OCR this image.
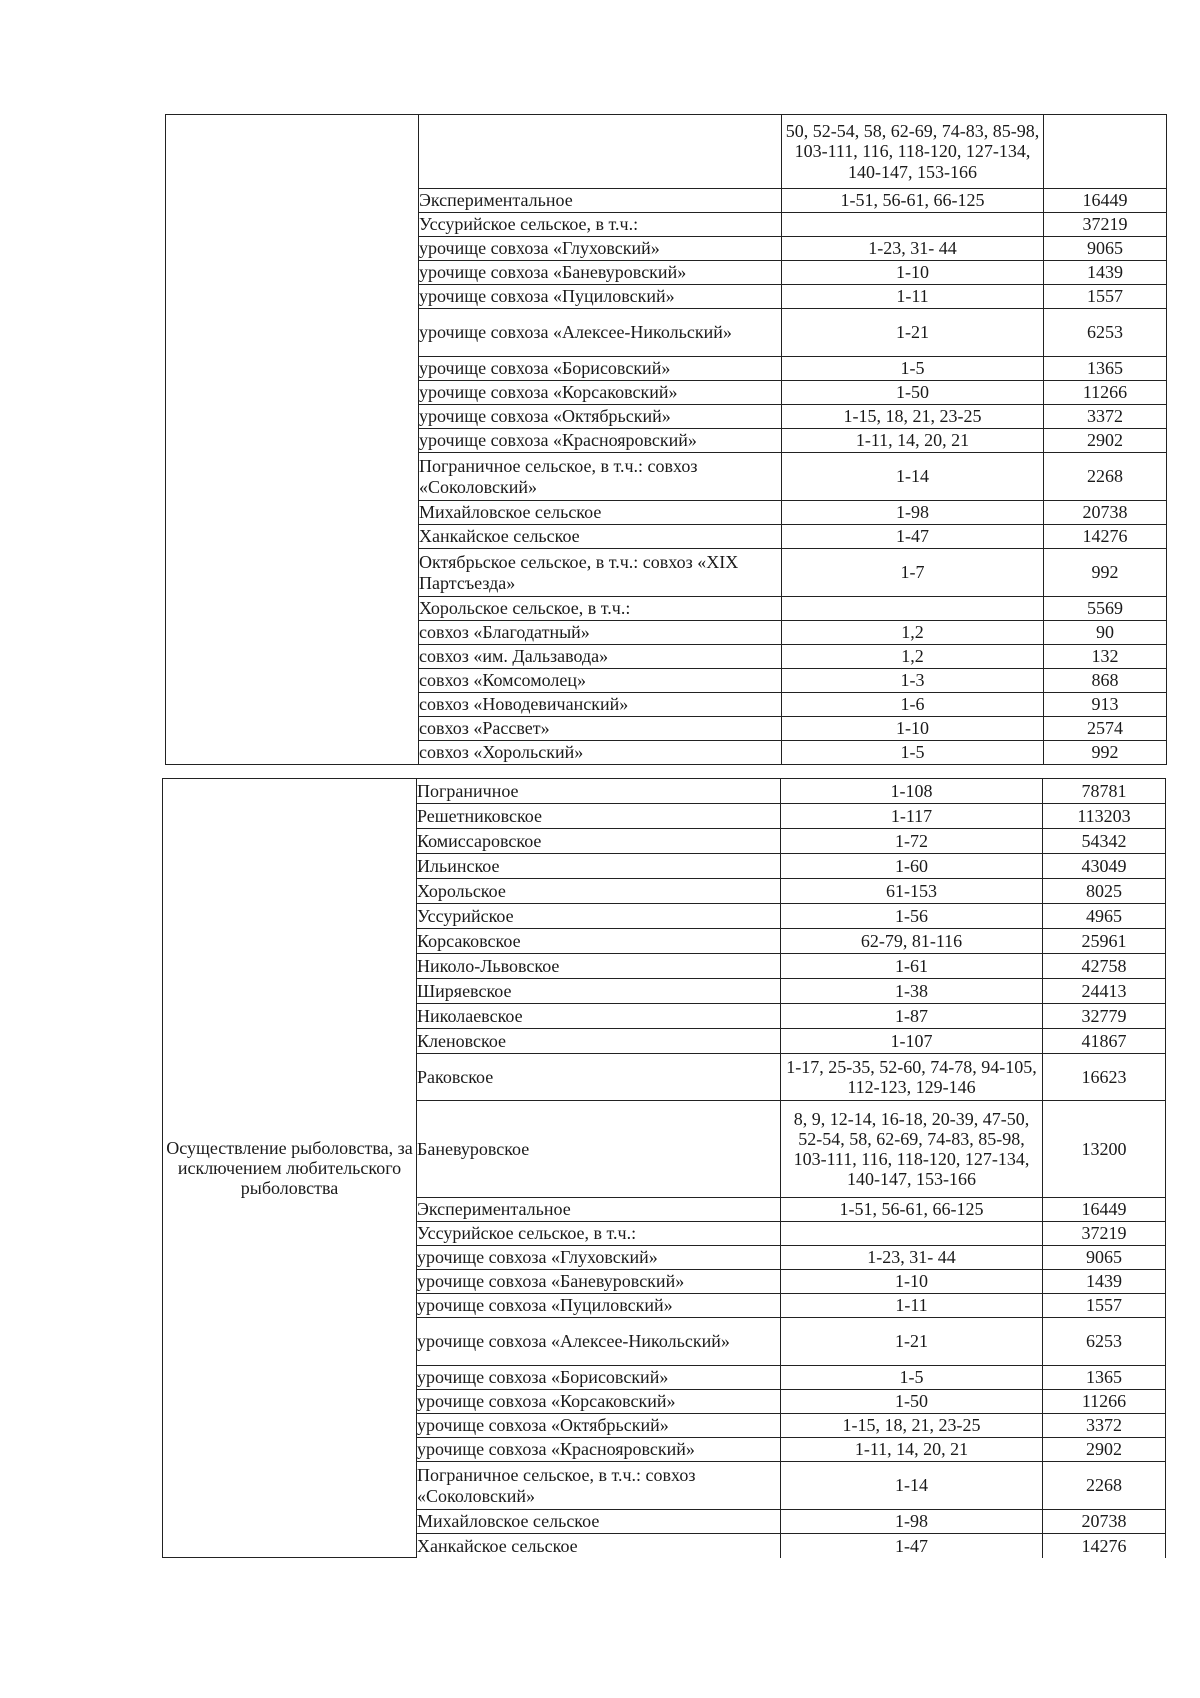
		50, 52-54, 58, 62-69, 74-83, 85-98, 103-111, 116, 118-120, 127-134, 140-147, 153-166	
	Экспериментальное	1-51, 56-61, 66-125	16449
	Уссурийское сельское, в т.ч.:		37219
	урочище совхоза «Глуховский»	1-23, 31- 44	9065
	урочище совхоза «Баневуровский»	1-10	1439
	урочище совхоза «Пуциловский»	1-11	1557
	урочище совхоза «Алексее-Никольский»	1-21	6253
	урочище совхоза «Борисовский»	1-5	1365
	урочище совхоза «Корсаковский»	1-50	11266
	урочище совхоза «Октябрьский»	1-15, 18, 21, 23-25	3372
	урочище совхоза «Краснояровский»	1-11, 14, 20, 21	2902
	Пограничное сельское, в т.ч.: совхоз «Соколовский»	1-14	2268
	Михайловское сельское	1-98	20738
	Ханкайское сельское	1-47	14276
	Октябрьское сельское, в т.ч.: совхоз «XIX Партсъезда»	1-7	992
	Хорольское сельское, в т.ч.:		5569
	совхоз «Благодатный»	1,2	90
	совхоз «им. Дальзавода»	1,2	132
	совхоз «Комсомолец»	1-3	868
	совхоз «Новодевичанский»	1-6	913
	совхоз «Рассвет»	1-10	2574
	совхоз «Хорольский»	1-5	992
Осуществление рыболовства, за исключением любительского рыболовства	Пограничное	1-108	78781
	Решетниковское	1-117	113203
	Комиссаровское	1-72	54342
	Ильинское	1-60	43049
	Хорольское	61-153	8025
	Уссурийское	1-56	4965
	Корсаковское	62-79, 81-116	25961
	Николо-Львовское	1-61	42758
	Ширяевское	1-38	24413
	Николаевское	1-87	32779
	Кленовское	1-107	41867
	Раковское	1-17, 25-35, 52-60, 74-78, 94-105, 112-123, 129-146	16623
	Баневуровское	8, 9, 12-14, 16-18, 20-39, 47-50, 52-54, 58, 62-69, 74-83, 85-98, 103-111, 116, 118-120, 127-134, 140-147, 153-166	13200
	Экспериментальное	1-51, 56-61, 66-125	16449
	Уссурийское сельское, в т.ч.:		37219
	урочище совхоза «Глуховский»	1-23, 31- 44	9065
	урочище совхоза «Баневуровский»	1-10	1439
	урочище совхоза «Пуциловский»	1-11	1557
	урочище совхоза «Алексее-Никольский»	1-21	6253
	урочище совхоза «Борисовский»	1-5	1365
	урочище совхоза «Корсаковский»	1-50	11266
	урочище совхоза «Октябрьский»	1-15, 18, 21, 23-25	3372
	урочище совхоза «Краснояровский»	1-11, 14, 20, 21	2902
	Пограничное сельское, в т.ч.: совхоз «Соколовский»	1-14	2268
	Михайловское сельское	1-98	20738
	Ханкайское сельское	1-47	14276
